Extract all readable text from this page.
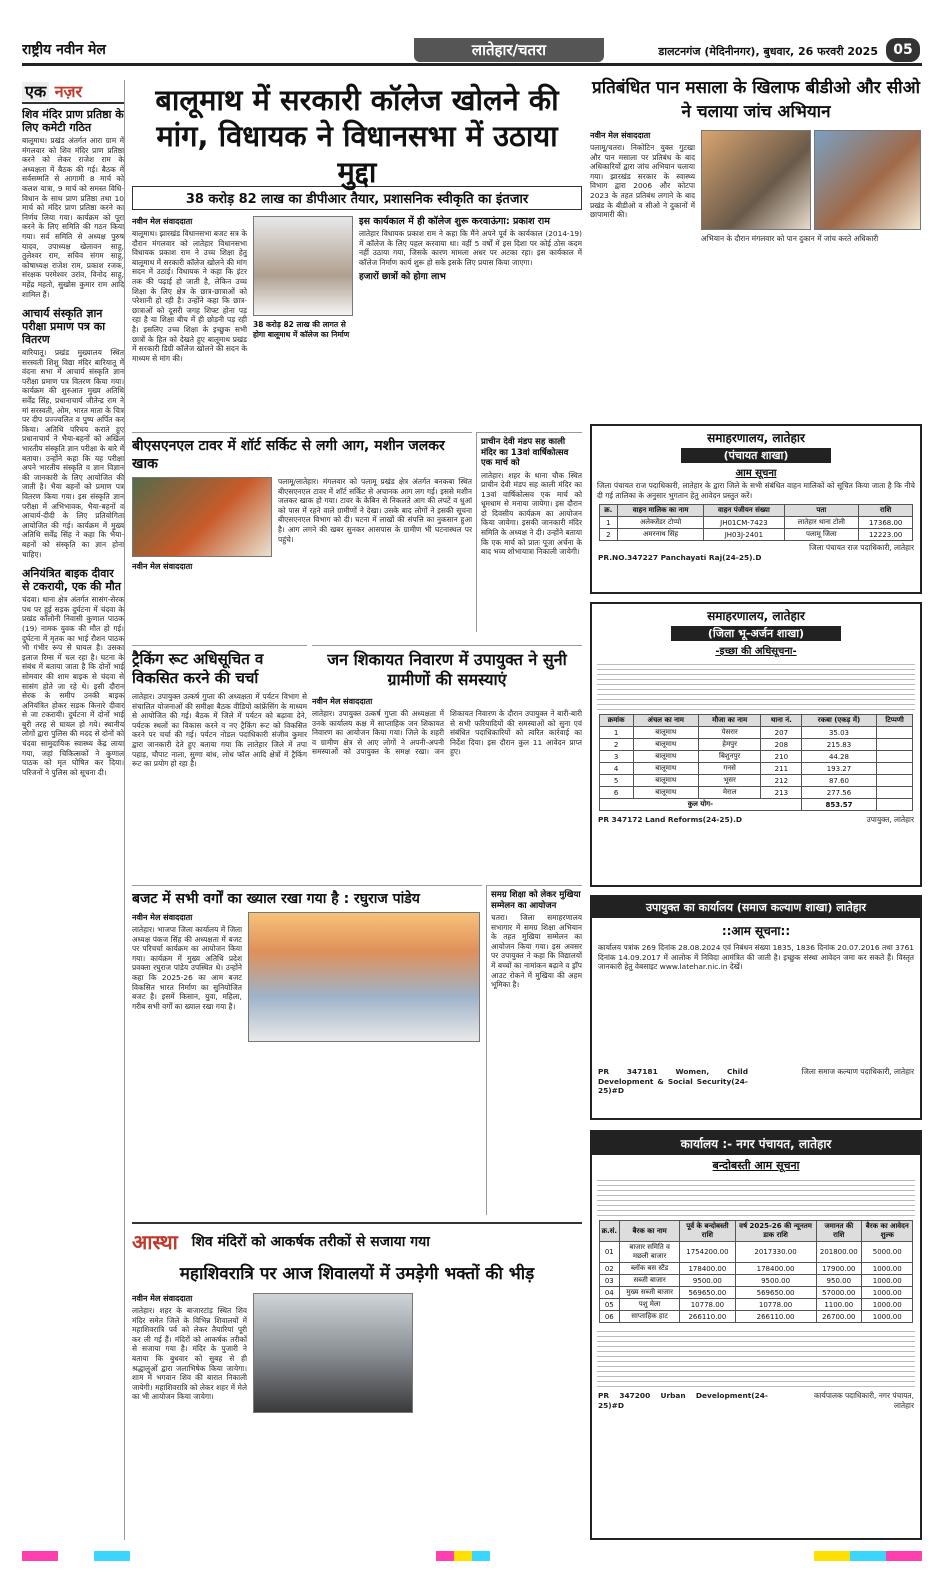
राष्ट्रीय नवीन मेल	लातेहार/चतरा	डालटनगंज (मेदिनीनगर), बुधवार, 26 फरवरी 2025	05
एक नज़र
शिव मंदिर प्राण प्रतिष्ठा के लिए कमेटी गठित
बालूमाथ। प्रखंड अंतर्गत आरा ग्राम में मंगलवार को शिव मंदिर प्राण प्रतिष्ठा करने को लेकर राजेश राम के अध्यक्षता में बैठक की गई। बैठक में सर्वसम्मति से आगामी 8 मार्च को कलश यात्रा, 9 मार्च को समस्त विधि-विधान के साथ प्राण प्रतिष्ठा तथा 10 मार्च को मंदिर प्राण प्रतिष्ठा करने का निर्णय लिया गया। कार्यक्रम को पूरा करने के लिए समिति की गठन किया गया। सर्व समिति से अध्यक्ष पुरुष यादव, उपाध्यक्ष खेलावन साहू, तुलेश्वर राम, सचिव संगम साहू, कोषाध्यक्ष राजेश राम, प्रकाश रजक, संरक्षक परमेश्वर उरांव, विनोद साहू, महेंद्र महतो, सुखोस कुमार राम आदि शामिल हैं।
आचार्य संस्कृति ज्ञान परीक्षा प्रमाण पत्र का वितरण
बारियातू। प्रखंड मुख्यालय स्थित सरस्वती शिशु विद्या मंदिर बारियातू में वंदना सभा में आचार्य संस्कृति ज्ञान परीक्षा प्रमाण पत्र वितरण किया गया। कार्यक्रम की शुरुआत मुख्य अतिथि सर्वेंद्र सिंह, प्रधानाचार्य जीतेन्द्र राम ने मां सरस्वती, ओम, भारत माता के चित्र पर दीप प्रज्ज्वलित व पुष्प अर्पित कर किया। अतिथि परिचय कराते हुए प्रधानाचार्य ने भैया-बहनों को अखिल भारतीय संस्कृति ज्ञान परीक्षा के बारे में बताया। उन्होंने कहा कि यह परीक्षा अपने भारतीय संस्कृति व ज्ञान विज्ञान की जानकारी के लिए आयोजित की जाती है। भैया बहनों को प्रमाण पत्र वितरण किया गया। इस संस्कृति ज्ञान परीक्षा में अभिभावक, भैया-बहनों व आचार्य-दीदी के लिए प्रतियोगिता आयोजित की गई। कार्यक्रम में मुख्य अतिथि सर्वेंद्र सिंह ने कहा कि भैया-बहनों को संस्कृति का ज्ञान होना चाहिए।
अनियंत्रित बाइक दीवार से टकरायी, एक की मौत
चंदवा। थाना क्षेत्र अंतर्गत सासंग-सेरक पथ पर हुई सड़क दुर्घटना में चंदवा के प्रखंड कॉलोनी निवासी कुणाल पाठक (19) नामक युवक की मौत हो गई। दुर्घटना में मृतक का भाई रौशन पाठक भी गंभीर रूप से घायल है। उसका इलाज रिम्स में चल रहा है। घटना के संबंध में बताया जाता है कि दोनों भाई सोमवार की शाम बाइक से चंदवा से सासंग होते जा रहे थे। इसी दौरान सेरक के समीप उनकी बाइक अनियंत्रित होकर सड़क किनारे दीवार से जा टकरायी। दुर्घटना में दोनों भाई बुरी तरह से घायल हो गये। स्थानीय लोगों द्वारा पुलिस की मदद से दोनों को चंदवा सामुदायिक स्वास्थ्य केंद्र लाया गया, जहां चिकित्सकों ने कुणाल पाठक को मृत घोषित कर दिया। परिजनों ने पुलिस को सूचना दी।
बालूमाथ में सरकारी कॉलेज खोलने की मांग, विधायक ने विधानसभा में उठाया मुद्दा
38 करोड़ 82 लाख का डीपीआर तैयार, प्रशासनिक स्वीकृति का इंतजार
नवीन मेल संवाददाता
बालूमाथ। झारखंड विधानसभा बजट सत्र के दौरान मंगलवार को लातेहार विधानसभा विधायक प्रकाश राम ने उच्च शिक्षा हेतु बालूमाथ में सरकारी कॉलेज खोलने की मांग सदन में उठाई। विधायक ने कहा कि इंटर तक की पढ़ाई हो जाती है, लेकिन उच्च शिक्षा के लिए क्षेत्र के छात्र-छात्राओं को परेशानी हो रही है। उन्होंने कहा कि छात्र-छात्राओं को दूसरी जगह शिफ्ट होना पड़ रहा है या शिक्षा बीच में ही छोड़नी पड़ रही है। इसलिए उच्च शिक्षा के इच्छुक सभी छात्रों के हित को देखते हुए बालूमाथ प्रखंड में सरकारी डिग्री कॉलेज खोलने की सदन के माध्यम से मांग की।
38 करोड़ 82 लाख की लागत से होगा बालूमाथ में कॉलेज का निर्माण
इस कार्यकाल में ही कॉलेज शुरू करवाऊंगा: प्रकाश राम
लातेहार विधायक प्रकाश राम ने कहा कि मैंने अपने पूर्व के कार्यकाल (2014-19) में कॉलेज के लिए पहल करवाया था। वहीं 5 वर्षों में इस दिशा पर कोई ठोस कदम नहीं उठाया गया, जिसके कारण मामला अधर पर अटका रहा। इस कार्यकाल में कॉलेज निर्माण कार्य शुरू हो सके इसके लिए प्रयास किया जाएगा।
हजारों छात्रों को होगा लाभ
बीएसएनएल टावर में शॉर्ट सर्किट से लगी आग, मशीन जलकर खाक
नवीन मेल संवाददाता
पलामू/लातेहार। मंगलवार को पलामू प्रखंड क्षेत्र अंतर्गत बनकबा स्थित बीएसएनएल टावर में शॉर्ट सर्किट से अचानक आग लग गई। इससे मशीन जलकर खाक हो गया। टावर के केबिन से निकलते आग की लपटें व धुआं को पास में रहने वाले ग्रामीणों ने देखा। उसके बाद लोगों ने इसकी सूचना बीएसएनएल विभाग को दी। घटना में लाखों की संपत्ति का नुकसान हुआ है। आग लगने की खबर सुनकर आसपास के ग्रामीण भी घटनास्थल पर पहुंचे।
प्राचीन देवी मंडप सह काली मंदिर का 13वां वार्षिकोत्सव एक मार्च को
लातेहार। शहर के थाना चौक स्थित प्राचीन देवी मंडप सह काली मंदिर का 13वां वार्षिकोत्सव एक मार्च को धूमधाम से मनाया जायेगा। इस दौरान दो दिवसीय कार्यक्रम का आयोजन किया जायेगा। इसकी जानकारी मंदिर समिति के अध्यक्ष ने दी। उन्होंने बताया कि एक मार्च को प्रातः पूजा अर्चना के बाद भव्य शोभायात्रा निकाली जायेगी।
ट्रैकिंग रूट अधिसूचित व विकसित करने की चर्चा
लातेहार। उपायुक्त उत्कर्ष गुप्ता की अध्यक्षता में पर्यटन विभाग से संचालित योजनाओं की समीक्षा बैठक वीडियो कांफ्रेंसिंग के माध्यम से आयोजित की गई। बैठक में जिले में पर्यटन को बढ़ावा देने, पर्यटक स्थलों का विकास करने व नए ट्रैकिंग रूट को विकसित करने पर चर्चा की गई। पर्यटन नोडल पदाधिकारी संजीव कुमार द्वारा जानकारी देते हुए बताया गया कि लातेहार जिले में तपा पहाड़, चौपाट नाला, सुग्गा बांध, लोध फॉल आदि क्षेत्रों में ट्रैकिंग रूट का प्रयोग हो रहा है।
जन शिकायत निवारण में उपायुक्त ने सुनी ग्रामीणों की समस्याएं
नवीन मेल संवाददाता
लातेहार। उपायुक्त उत्कर्ष गुप्ता की अध्यक्षता में उनके कार्यालय कक्ष में साप्ताहिक जन शिकायत निवारण का आयोजन किया गया। जिले के शहरी व ग्रामीण क्षेत्र से आए लोगों ने अपनी-अपनी समस्याओं को उपायुक्त के समक्ष रखा। जन शिकायत निवारण के दौरान उपायुक्त ने बारी-बारी से सभी फरियादियों की समस्याओं को सुना एवं संबंधित पदाधिकारियों को त्वरित कार्रवाई का निर्देश दिया। इस दौरान कुल 11 आवेदन प्राप्त हुए।
बजट में सभी वर्गों का ख्याल रखा गया है : रघुराज पांडेय
नवीन मेल संवाददाता
लातेहार। भाजपा जिला कार्यालय में जिला अध्यक्ष पंकज सिंह की अध्यक्षता में बजट पर परिचर्चा कार्यक्रम का आयोजन किया गया। कार्यक्रम में मुख्य अतिथि प्रदेश प्रवक्ता रघुराज पांडेय उपस्थित थे। उन्होंने कहा कि 2025-26 का आम बजट विकसित भारत निर्माण का सुनियोजित बजट है। इसमें किसान, युवा, महिला, गरीब सभी वर्गों का ख्याल रखा गया है।
समग्र शिक्षा को लेकर मुखिया सम्मेलन का आयोजन
चतरा। जिला समाहरणालय सभागार में समग्र शिक्षा अभियान के तहत मुखिया सम्मेलन का आयोजन किया गया। इस अवसर पर उपायुक्त ने कहा कि विद्यालयों में बच्चों का नामांकन बढ़ाने व ड्रॉप आउट रोकने में मुखिया की अहम भूमिका है।
आस्था शिव मंदिरों को आकर्षक तरीकों से सजाया गया
महाशिवरात्रि पर आज शिवालयों में उमड़ेगी भक्तों की भीड़
नवीन मेल संवाददाता
लातेहार। शहर के बाजारटांड़ स्थित शिव मंदिर समेत जिले के विभिन्न शिवालयों में महाशिवरात्रि पर्व को लेकर तैयारियां पूरी कर ली गई हैं। मंदिरों को आकर्षक तरीकों से सजाया गया है। मंदिर के पुजारी ने बताया कि बुधवार को सुबह से ही श्रद्धालुओं द्वारा जलाभिषेक किया जायेगा। शाम में भगवान शिव की बारात निकाली जायेगी। महाशिवरात्रि को लेकर शहर में मेले का भी आयोजन किया जायेगा।
प्रतिबंधित पान मसाला के खिलाफ बीडीओ और सीओ ने चलाया जांच अभियान
नवीन मेल संवाददाता
पलामू/चतरा। निकोटिन युक्त गुटखा और पान मसाला पर प्रतिबंध के बाद अधिकारियों द्वारा जांच अभियान चलाया गया। झारखंड सरकार के स्वास्थ्य विभाग द्वारा 2006 और कोटपा 2023 के तहत प्रतिबंध लगाने के बाद प्रखंड के बीडीओ व सीओ ने दुकानों में छापामारी की।
अभियान के दौरान मंगलवार को पान दुकान में जांच करते अधिकारी
समाहरणालय, लातेहार
(पंचायत शाखा)
आम सूचना
जिला पंचायत राज पदाधिकारी, लातेहार के द्वारा जिले के सभी संबंधित वाहन मालिकों को सूचित किया जाता है कि नीचे दी गई तालिका के अनुसार भुगतान हेतु आवेदन प्रस्तुत करें।
क्र.	वाहन मालिक का नाम	वाहन पंजीयन संख्या	पता	राशि
1	अलेक्जेंडर टोप्पो	JH01CM-7423	लातेहार थाना टोली	17368.00
2	अमरनाथ सिंह	JH03J-2401	पलामू जिला	12223.00
जिला पंचायत राज पदाधिकारी, लातेहार
PR.NO.347227 Panchayati Raj(24-25).D
समाहरणालय, लातेहार
(जिला भू-अर्जन शाखा)
-इच्छा की अधिसूचना-
क्रमांक	अंचल का नाम	मौजा का नाम	थाना नं.	रकबा (एकड़ में)	टिप्पणी
1	बालूमाथ	पेसरार	207	35.03	
2	बालूमाथ	हेमपुर	208	215.83	
3	बालूमाथ	बिशुनपुर	210	44.28	
4	बालूमाथ	गनसे	211	193.27	
5	बालूमाथ	भूसर	212	87.60	
6	बालूमाथ	मेराल	213	277.56	
कुल योग-				853.57	
PR 347172 Land Reforms(24-25).D	उपायुक्त, लातेहार
उपायुक्त का कार्यालय (समाज कल्याण शाखा) लातेहार
::आम सूचना::
कार्यालय पत्रांक 269 दिनांक 28.08.2024 एवं निबंधन संख्या 1835, 1836 दिनांक 20.07.2016 तथा 3761 दिनांक 14.09.2017 में आलोक में निविदा आमंत्रित की जाती है। इच्छुक संस्था आवेदन जमा कर सकते हैं। विस्तृत जानकारी हेतु वेबसाइट www.latehar.nic.in देखें।
PR 347181 Women, Child Development & Social Security(24-25)#D
जिला समाज कल्याण पदाधिकारी, लातेहार
कार्यालय :- नगर पंचायत, लातेहार
बन्दोबस्ती आम सूचना
क्र.सं.	बैरक का नाम	पूर्व के बन्दोबस्ती राशि	वर्ष 2025-26 की न्यूनतम डाक राशि	जमानत की राशि	बैरक का आवेदन शुल्क
01	बाजार समिति व मछली बाजार	1754200.00	2017330.00	201800.00	5000.00
02	ब्लॉक बस स्टैंड	178400.00	178400.00	17900.00	1000.00
03	सब्जी बाजार	9500.00	9500.00	950.00	1000.00
04	मुख्य सब्जी बाजार	569650.00	569650.00	57000.00	1000.00
05	पशु मेला	10778.00	10778.00	1100.00	1000.00
06	साप्ताहिक हाट	266110.00	266110.00	26700.00	1000.00
PR 347200 Urban Development(24-25)#D
कार्यपालक पदाधिकारी, नगर पंचायत, लातेहार
